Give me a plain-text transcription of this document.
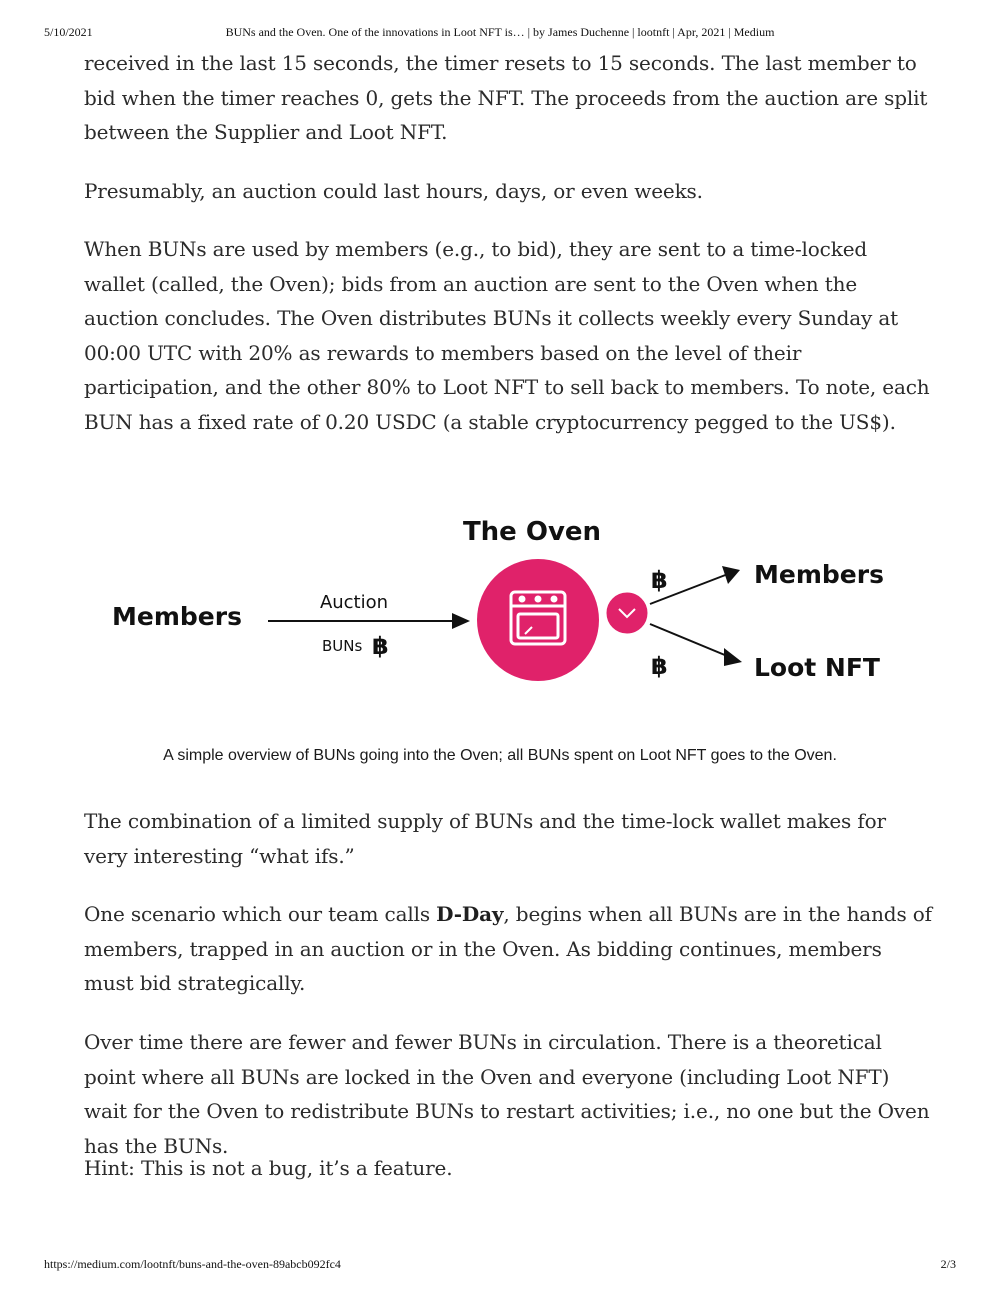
5/10/2021	BUNs and the Oven. One of the innovations in Loot NFT is… | by James Duchenne | lootnft | Apr, 2021 | Medium

received in the last 15 seconds, the timer resets to 15 seconds. The last member to bid when the timer reaches 0, gets the NFT. The proceeds from the auction are split between the Supplier and Loot NFT.

Presumably, an auction could last hours, days, or even weeks.

When BUNs are used by members (e.g., to bid), they are sent to a time-locked wallet (called, the Oven); bids from an auction are sent to the Oven when the auction concludes. The Oven distributes BUNs it collects weekly every Sunday at 00:00 UTC with 20% as rewards to members based on the level of their participation, and the other 80% to Loot NFT to sell back to members. To note, each BUN has a fixed rate of 0.20 USDC (a stable cryptocurrency pegged to the US$).

The Oven
Members	Auction
BUNs ฿
฿
฿
Members
Loot NFT
A simple overview of BUNs going into the Oven; all BUNs spent on Loot NFT goes to the Oven.

The combination of a limited supply of BUNs and the time-lock wallet makes for very interesting “what ifs.”

One scenario which our team calls D-Day, begins when all BUNs are in the hands of members, trapped in an auction or in the Oven. As bidding continues, members must bid strategically.

Over time there are fewer and fewer BUNs in circulation. There is a theoretical point where all BUNs are locked in the Oven and everyone (including Loot NFT) wait for the Oven to redistribute BUNs to restart activities; i.e., no one but the Oven has the BUNs.

Hint: This is not a bug, it’s a feature.

https://medium.com/lootnft/buns-and-the-oven-89abcb092fc4	2/3
